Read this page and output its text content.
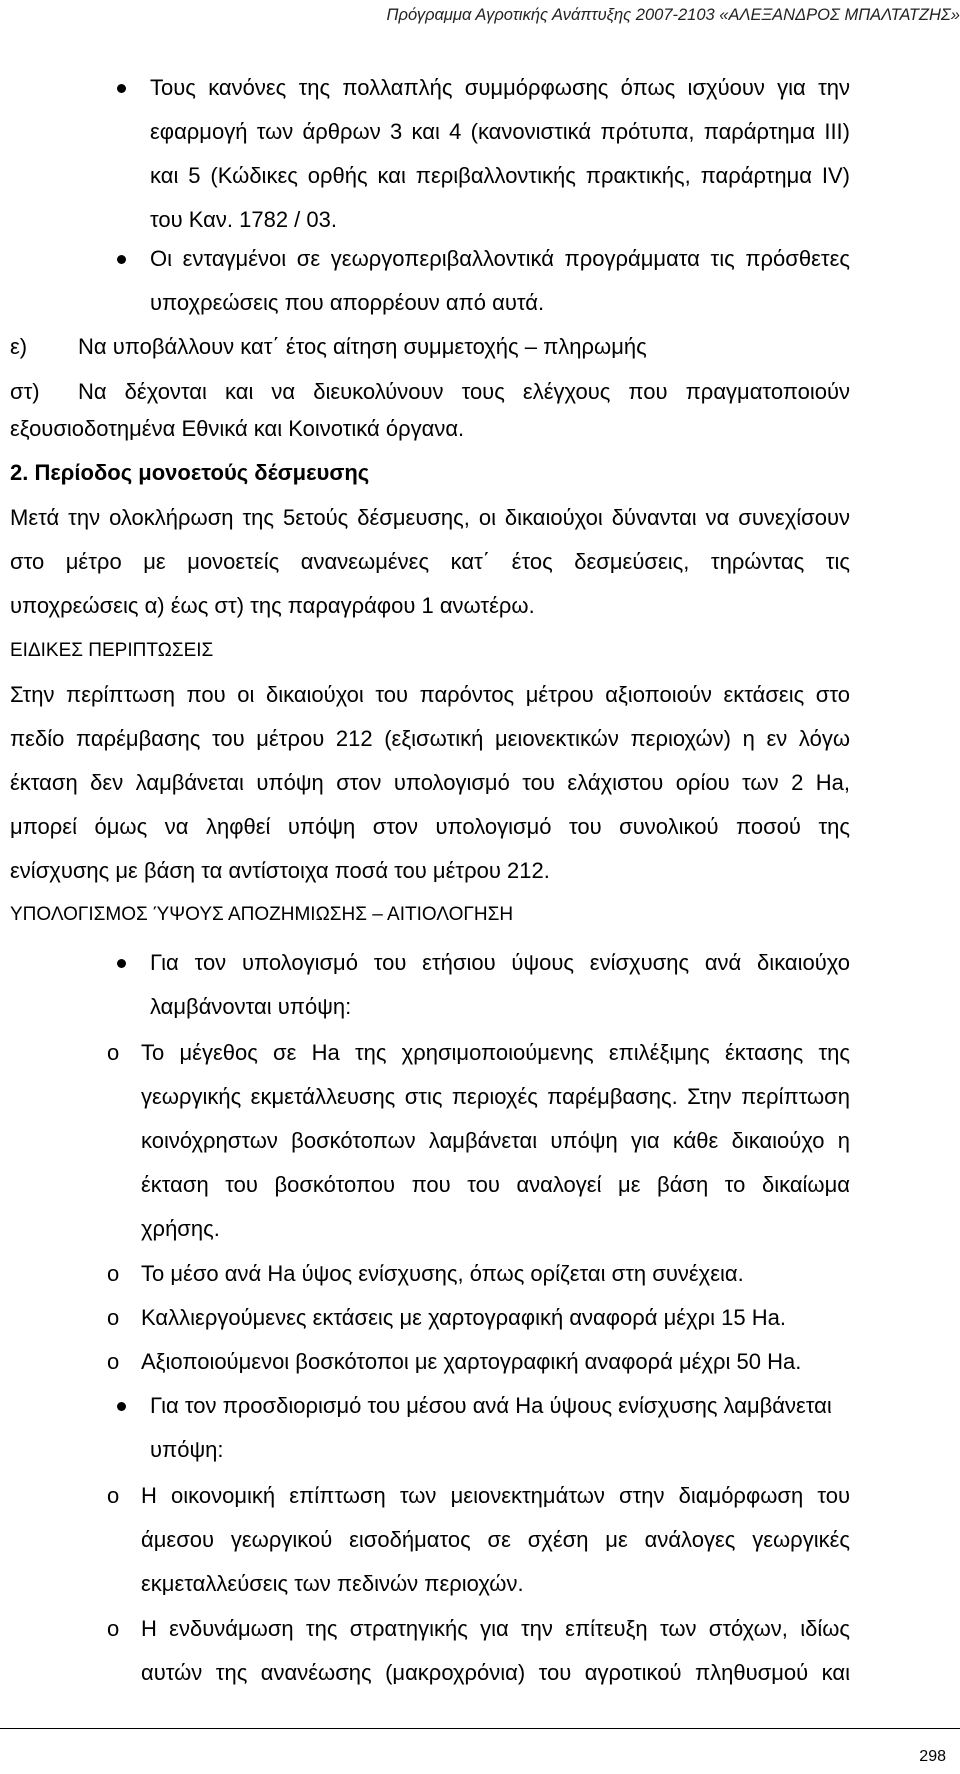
Πρόγραμμα Αγροτικής Ανάπτυξης 2007-2103 «ΑΛΕΞΑΝΔΡΟΣ ΜΠΑΛΤΑΤΖΗΣ»
Τους κανόνες της πολλαπλής συμμόρφωσης όπως ισχύουν για την
εφαρμογή των άρθρων 3 και 4 (κανονιστικά πρότυπα, παράρτημα ΙΙΙ)
και 5 (Κώδικες ορθής και περιβαλλοντικής πρακτικής, παράρτημα IV)
του Καν. 1782 / 03.
Οι ενταγμένοι σε γεωργοπεριβαλλοντικά προγράμματα τις πρόσθετες
υποχρεώσεις που απορρέουν από αυτά.
ε) Να υποβάλλουν κατ΄ έτος αίτηση συμμετοχής – πληρωμής
στ) Να δέχονται και να διευκολύνουν τους ελέγχους που πραγματοποιούν
εξουσιοδοτημένα Εθνικά και Κοινοτικά όργανα.
2. Περίοδος μονοετούς δέσμευσης
Μετά την ολοκλήρωση της 5ετούς δέσμευσης, οι δικαιούχοι δύνανται να συνεχίσουν
στο μέτρο με μονοετείς ανανεωμένες κατ΄ έτος δεσμεύσεις, τηρώντας τις
υποχρεώσεις α) έως στ) της παραγράφου 1 ανωτέρω.
ΕΙΔΙΚΕΣ ΠΕΡΙΠΤΩΣΕΙΣ
Στην περίπτωση που οι δικαιούχοι του παρόντος μέτρου αξιοποιούν εκτάσεις στο
πεδίο παρέμβασης του μέτρου 212 (εξισωτική μειονεκτικών περιοχών) η εν λόγω
έκταση δεν λαμβάνεται υπόψη στον υπολογισμό του ελάχιστου ορίου των 2 Ha,
μπορεί όμως να ληφθεί υπόψη στον υπολογισμό του συνολικού ποσού της
ενίσχυσης με βάση τα αντίστοιχα ποσά του μέτρου 212.
ΥΠΟΛΟΓΙΣΜΟΣ ΎΨΟΥΣ ΑΠΟΖΗΜΙΩΣΗΣ – ΑΙΤΙΟΛΟΓΗΣΗ
Για τον υπολογισμό του ετήσιου ύψους ενίσχυσης ανά δικαιούχο
λαμβάνονται υπόψη:
o Το μέγεθος σε Ha της χρησιμοποιούμενης επιλέξιμης έκτασης της
γεωργικής εκμετάλλευσης στις περιοχές παρέμβασης. Στην περίπτωση
κοινόχρηστων βοσκότοπων λαμβάνεται υπόψη για κάθε δικαιούχο η
έκταση του βοσκότοπου που του αναλογεί με βάση το δικαίωμα
χρήσης.
o Το μέσο ανά Ha ύψος ενίσχυσης, όπως ορίζεται στη συνέχεια.
o Καλλιεργούμενες εκτάσεις με χαρτογραφική αναφορά μέχρι 15 Ha.
o Αξιοποιούμενοι βοσκότοποι με χαρτογραφική αναφορά μέχρι 50 Ha.
Για τον προσδιορισμό του μέσου ανά Ha ύψους ενίσχυσης λαμβάνεται
υπόψη:
o Η οικονομική επίπτωση των μειονεκτημάτων στην διαμόρφωση του
άμεσου γεωργικού εισοδήματος σε σχέση με ανάλογες γεωργικές
εκμεταλλεύσεις των πεδινών περιοχών.
o Η ενδυνάμωση της στρατηγικής για την επίτευξη των στόχων, ιδίως
αυτών της ανανέωσης (μακροχρόνια) του αγροτικού πληθυσμού και
298
